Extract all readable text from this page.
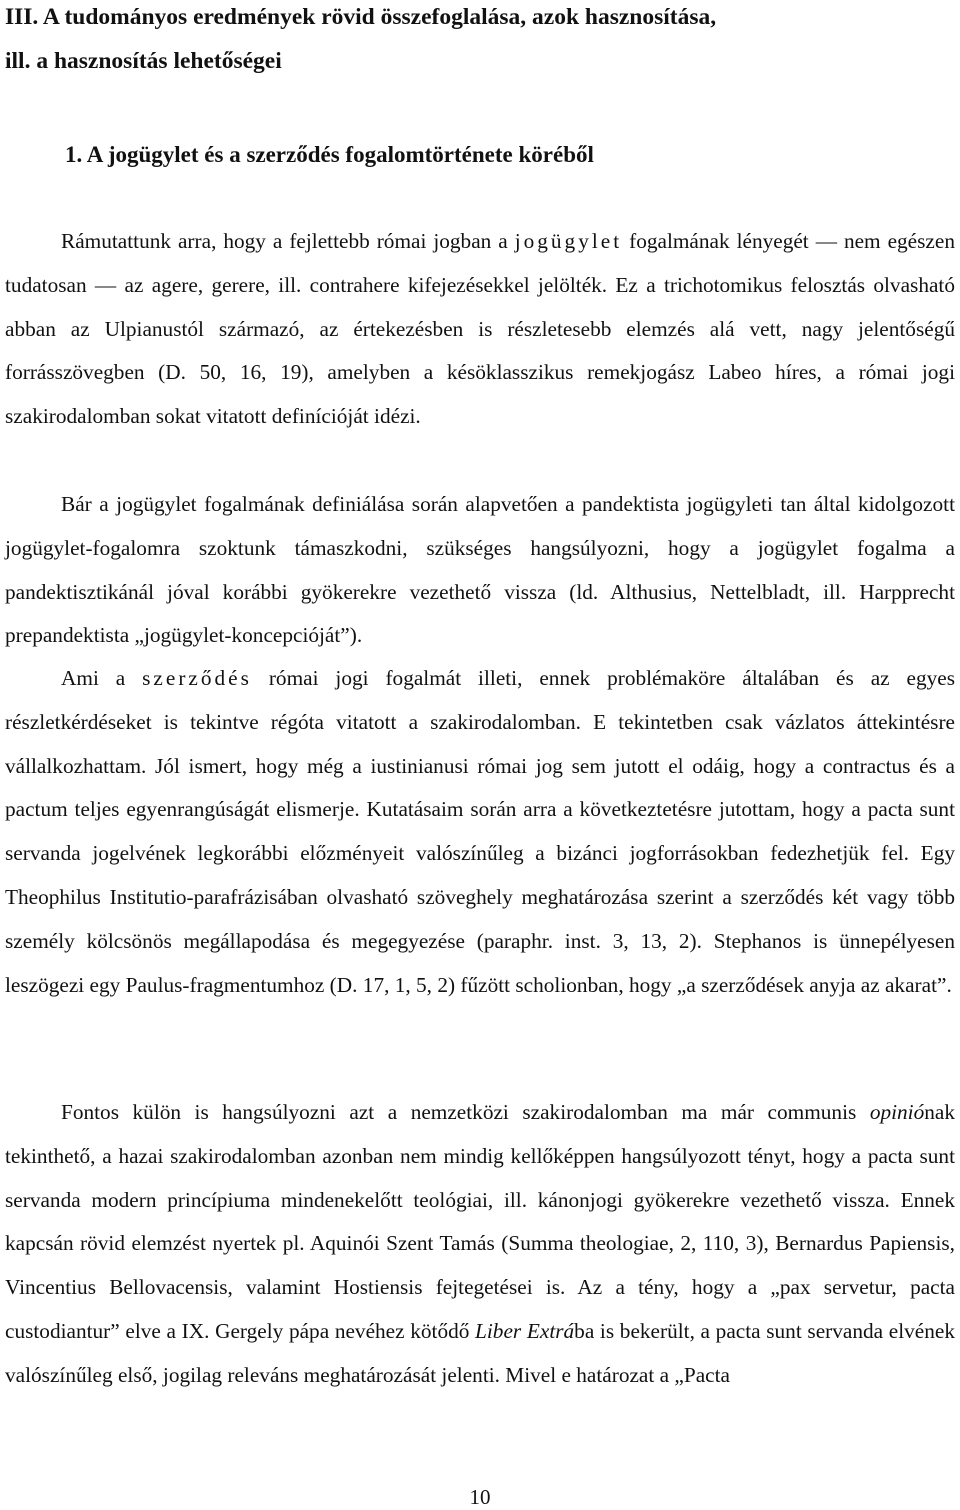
III. A tudományos eredmények rövid összefoglalása, azok hasznosítása,
ill. a hasznosítás lehetőségei
1. A jogügylet és a szerződés fogalomtörténete köréből

Rámutattunk arra, hogy a fejlettebb római jogban a jogügylet fogalmának lényegét — nem egészen tudatosan — az agere, gerere, ill. contrahere kifejezésekkel jelölték. Ez a trichotomikus felosztás olvasható abban az Ulpianustól származó, az értekezésben is részletesebb elemzés alá vett, nagy jelentőségű forrásszövegben (D. 50, 16, 19), amelyben a késöklasszikus remekjogász Labeo híres, a római jogi szakirodalomban sokat vitatott definícióját idézi.

Bár a jogügylet fogalmának definiálása során alapvetően a pandektista jogügyleti tan által kidolgozott jogügylet-fogalomra szoktunk támaszkodni, szükséges hangsúlyozni, hogy a jogügylet fogalma a pandektisztikánál jóval korábbi gyökerekre vezethető vissza (ld. Althusius, Nettelbladt, ill. Harpprecht prepandektista „jogügylet-koncepcióját”).

Ami a szerződés római jogi fogalmát illeti, ennek problémaköre általában és az egyes részletkérdéseket is tekintve régóta vitatott a szakirodalomban. E tekintetben csak vázlatos áttekintésre vállalkozhattam. Jól ismert, hogy még a iustinianusi római jog sem jutott el odáig, hogy a contractus és a pactum teljes egyenrangúságát elismerje. Kutatásaim során arra a következtetésre jutottam, hogy a pacta sunt servanda jogelvének legkorábbi előzményeit valószínűleg a bizánci jogforrásokban fedezhetjük fel. Egy Theophilus Institutio-parafrázisában olvasható szöveghely meghatározása szerint a szerződés két vagy több személy kölcsönös megállapodása és megegyezése (paraphr. inst. 3, 13, 2). Stephanos is ünnepélyesen leszögezi egy Paulus-fragmentumhoz (D. 17, 1, 5, 2) fűzött scholionban, hogy „a szerződések anyja az akarat”.

Fontos külön is hangsúlyozni azt a nemzetközi szakirodalomban ma már communis opiniónak tekinthető, a hazai szakirodalomban azonban nem mindig kellőképpen hangsúlyozott tényt, hogy a pacta sunt servanda modern princípiuma mindenekelőtt teológiai, ill. kánonjogi gyökerekre vezethető vissza. Ennek kapcsán rövid elemzést nyertek pl. Aquinói Szent Tamás (Summa theologiae, 2, 110, 3), Bernardus Papiensis, Vincentius Bellovacensis, valamint Hostiensis fejtegetései is. Az a tény, hogy a „pax servetur, pacta custodiantur” elve a IX. Gergely pápa nevéhez kötődő Liber Extrába is bekerült, a pacta sunt servanda elvének valószínűleg első, jogilag releváns meghatározását jelenti. Mivel e határozat a „Pacta

10
